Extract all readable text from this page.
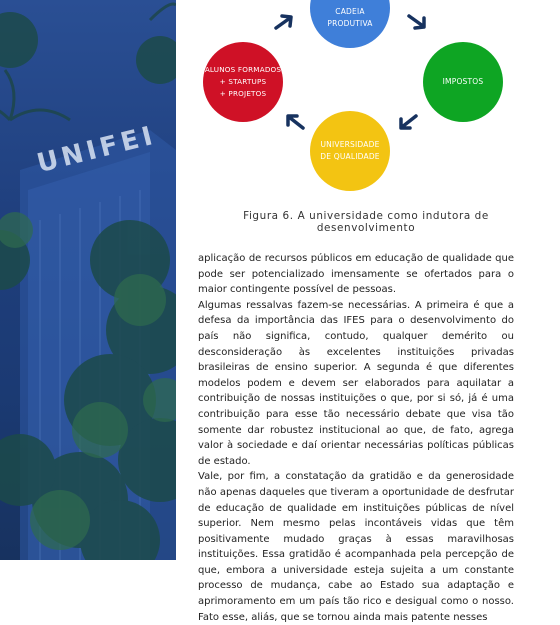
UNIFEI
CADEIA
PRODUTIVA
IMPOSTOS
UNIVERSIDADE
DE QUALIDADE
ALUNOS FORMADOS
+ STARTUPS
+ PROJETOS
Figura 6. A universidade como indutora de desenvolvimento

aplicação de recursos públicos em educação de qualidade que pode ser potencializado imensamente se ofertados para o maior contingente possível de pessoas.

Algumas ressalvas fazem-se necessárias. A primeira é que a defesa da importância das IFES para o desenvolvimento do país não significa, contudo, qualquer demérito ou desconsideração às excelentes instituições privadas brasileiras de ensino superior. A segunda é que diferentes modelos podem e devem ser elaborados para aquilatar a contribuição de nossas instituições o que, por si só, já é uma contribuição para esse tão necessário debate que visa tão somente dar robustez institucional ao que, de fato, agrega valor à sociedade e daí orientar necessárias políticas públicas de estado.

Vale, por fim, a constatação da gratidão e da generosidade não apenas daqueles que tiveram a oportunidade de desfrutar de educação de qualidade em instituições públicas de nível superior. Nem mesmo pelas incontáveis vidas que têm positivamente mudado graças à essas maravilhosas instituições. Essa gratidão é acompanhada pela percepção de que, embora a universidade esteja sujeita a um constante processo de mudança, cabe ao Estado sua adaptação e aprimoramento em um país tão rico e desigual como o nosso. Fato esse, aliás, que se tornou ainda mais patente nesses
